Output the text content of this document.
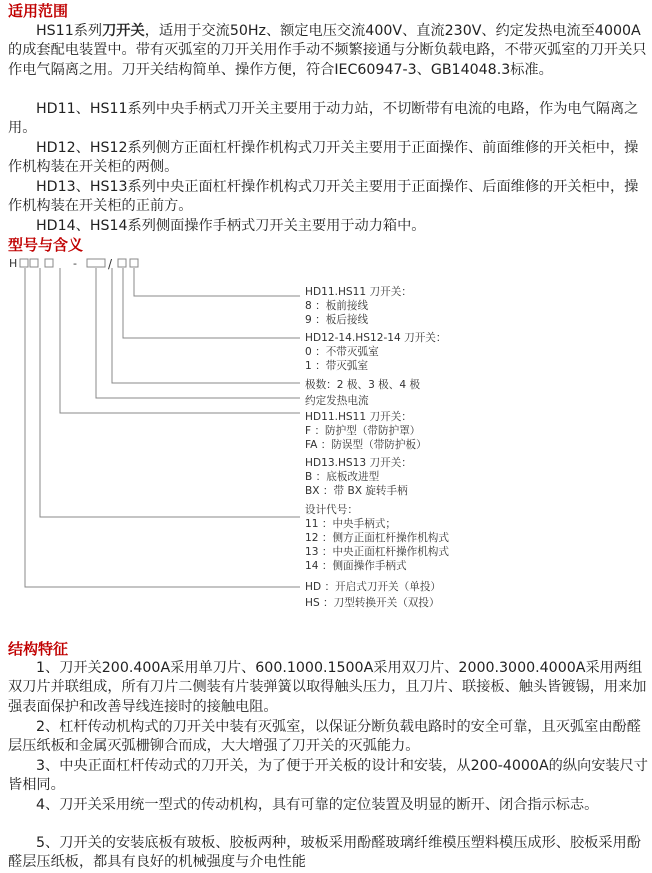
适用范围

HS11系列刀开关，适用于交流50Hz、额定电压交流400V、直流230V、约定发热电流至4000A的成套配电装置中。带有灭弧室的刀开关用作手动不频繁接通与分断负载电路，不带灭弧室的刀开关只作电气隔离之用。刀开关结构简单、操作方便，符合IEC60947-3、GB14048.3标准。

HD11、HS11系列中央手柄式刀开关主要用于动力站，不切断带有电流的电路，作为电气隔离之用。

HD12、HS12系列侧方正面杠杆操作机构式刀开关主要用于正面操作、前面维修的开关柜中，操作机构装在开关柜的两侧。

HD13、HS13系列中央正面杠杆操作机构式刀开关主要用于正面操作、后面维修的开关柜中，操作机构装在开关柜的正前方。

HD14、HS14系列侧面操作手柄式刀开关主要用于动力箱中。

型号与含义
H	-	/
HD11.HS11 刀开关：
8 ：板前接线
9 ：板后接线
HD12-14.HS12-14 刀开关：
0 ：不带灭弧室
1 ：带灭弧室
极数：2 极、3 极、4 极
约定发热电流
HD11.HS11 刀开关：
F ：防护型（带防护罩）
FA ：防误型（带防护板）
HD13.HS13 刀开关：
B ：底板改进型
BX ：带 BX 旋转手柄
设计代号：
11 ：中央手柄式；
12 ：侧方正面杠杆操作机构式
13 ：中央正面杠杆操作机构式
14 ：侧面操作手柄式
HD ：开启式刀开关（单投）
HS ：刀型转换开关（双投）
结构特征

1、刀开关200.400A采用单刀片、600.1000.1500A采用双刀片、2000.3000.4000A采用两组双刀片并联组成，所有刀片二侧装有片装弹簧以取得触头压力，且刀片、联接板、触头皆镀锡，用来加强表面保护和改善导线连接时的接触电阻。

2、杠杆传动机构式的刀开关中装有灭弧室，以保证分断负载电路时的安全可靠，且灭弧室由酚醛层压纸板和金属灭弧栅铆合而成，大大增强了刀开关的灭弧能力。

3、中央正面杠杆传动式的刀开关，为了便于开关板的设计和安装，从200-4000A的纵向安装尺寸皆相同。

4、刀开关采用统一型式的传动机构，具有可靠的定位装置及明显的断开、闭合指示标志。

5、刀开关的安装底板有玻板、胶板两种，玻板采用酚醛玻璃纤维模压塑料模压成形、胶板采用酚醛层压纸板，都具有良好的机械强度与介电性能
